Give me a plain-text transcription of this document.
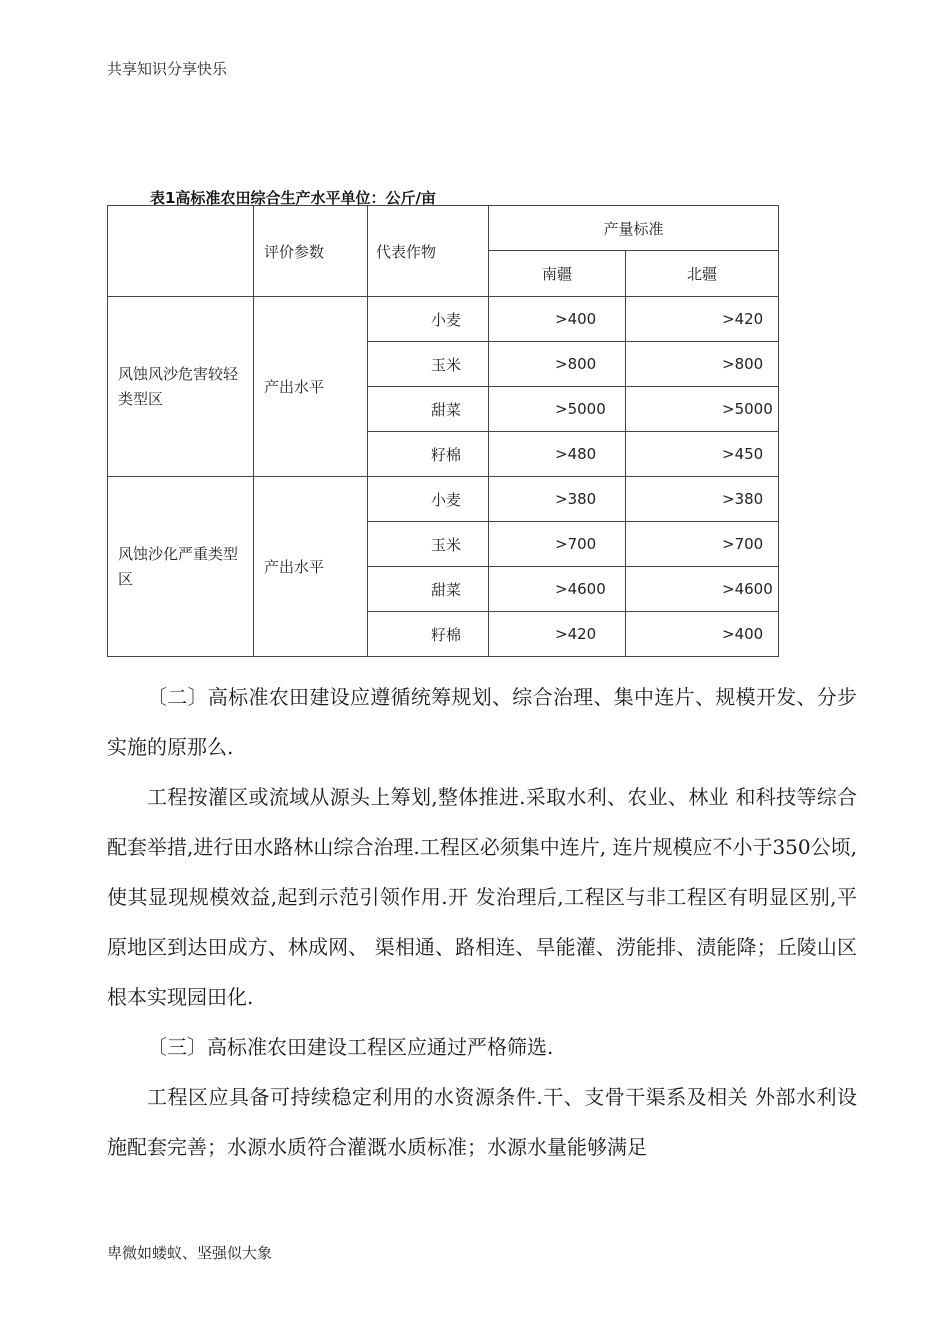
共享知识分享快乐
表1高标准农田综合生产水平单位：公斤/亩
	评价参数	代表作物	产量标准	
			南疆	北疆
风蚀风沙危害较轻类型区	产出水平	小麦	>400	>420
		玉米	>800	>800
		甜菜	>5000	>5000
		籽棉	>480	>450
风蚀沙化严重类型区	产出水平	小麦	>380	>380
		玉米	>700	>700
		甜菜	>4600	>4600
		籽棉	>420	>400

〔二〕高标准农田建设应遵循统筹规划、综合治理、集中连片、规模开发、分步实施的原那么.

工程按灌区或流域从源头上筹划,整体推进.采取水利、农业、林业 和科技等综合配套举措,进行田水路林山综合治理.工程区必须集中连片, 连片规模应不小于350公顷,使其显现规模效益,起到示范引领作用.开 发治理后,工程区与非工程区有明显区别,平原地区到达田成方、林成网、 渠相通、路相连、旱能灌、涝能排、渍能降；丘陵山区根本实现园田化.

〔三〕高标准农田建设工程区应通过严格筛选.

工程区应具备可持续稳定利用的水资源条件.干、支骨干渠系及相关 外部水利设施配套完善；水源水质符合灌溉水质标准；水源水量能够满足

卑微如蝼蚁、坚强似大象
